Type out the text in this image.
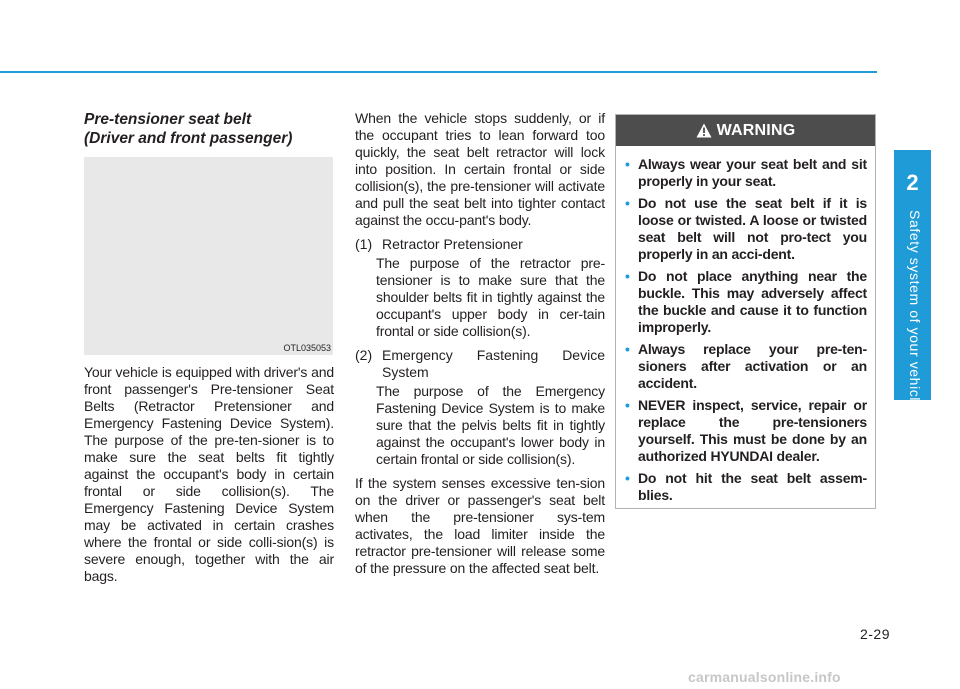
Pre-tensioner seat belt
(Driver and front passenger)
OTL035053

Your vehicle is equipped with driver's and front passenger's Pre-tensioner Seat Belts (Retractor Pretensioner and Emergency Fastening Device System). The purpose of the pre-ten-sioner is to make sure the seat belts fit tightly against the occupant's body in certain frontal or side collision(s). The Emergency Fastening Device System may be activated in certain crashes where the frontal or side colli-sion(s) is severe enough, together with the air bags.

When the vehicle stops suddenly, or if the occupant tries to lean forward too quickly, the seat belt retractor will lock into position. In certain frontal or side collision(s), the pre-tensioner will activate and pull the seat belt into tighter contact against the occu-pant's body.

(1) Retractor Pretensioner

The purpose of the retractor pre-tensioner is to make sure that the shoulder belts fit in tightly against the occupant's upper body in cer-tain frontal or side collision(s).

(2) Emergency Fastening Device
System

The purpose of the Emergency Fastening Device System is to make sure that the pelvis belts fit in tightly against the occupant's lower body in certain frontal or side collision(s).

If the system senses excessive ten-sion on the driver or passenger's seat belt when the pre-tensioner sys-tem activates, the load limiter inside the retractor pre-tensioner will release some of the pressure on the affected seat belt.

WARNING
• Always wear your seat belt and sit properly in your seat.
• Do not use the seat belt if it is loose or twisted. A loose or twisted seat belt will not pro-tect you properly in an acci-dent.
• Do not place anything near the buckle. This may adversely affect the buckle and cause it to function improperly.
• Always replace your pre-ten-sioners after activation or an accident.
• NEVER inspect, service, repair or replace the pre-tensioners yourself. This must be done by an authorized HYUNDAI dealer.
• Do not hit the seat belt assem-blies.
2
Safety system of your vehicle
2-29
carmanualsonline.info
